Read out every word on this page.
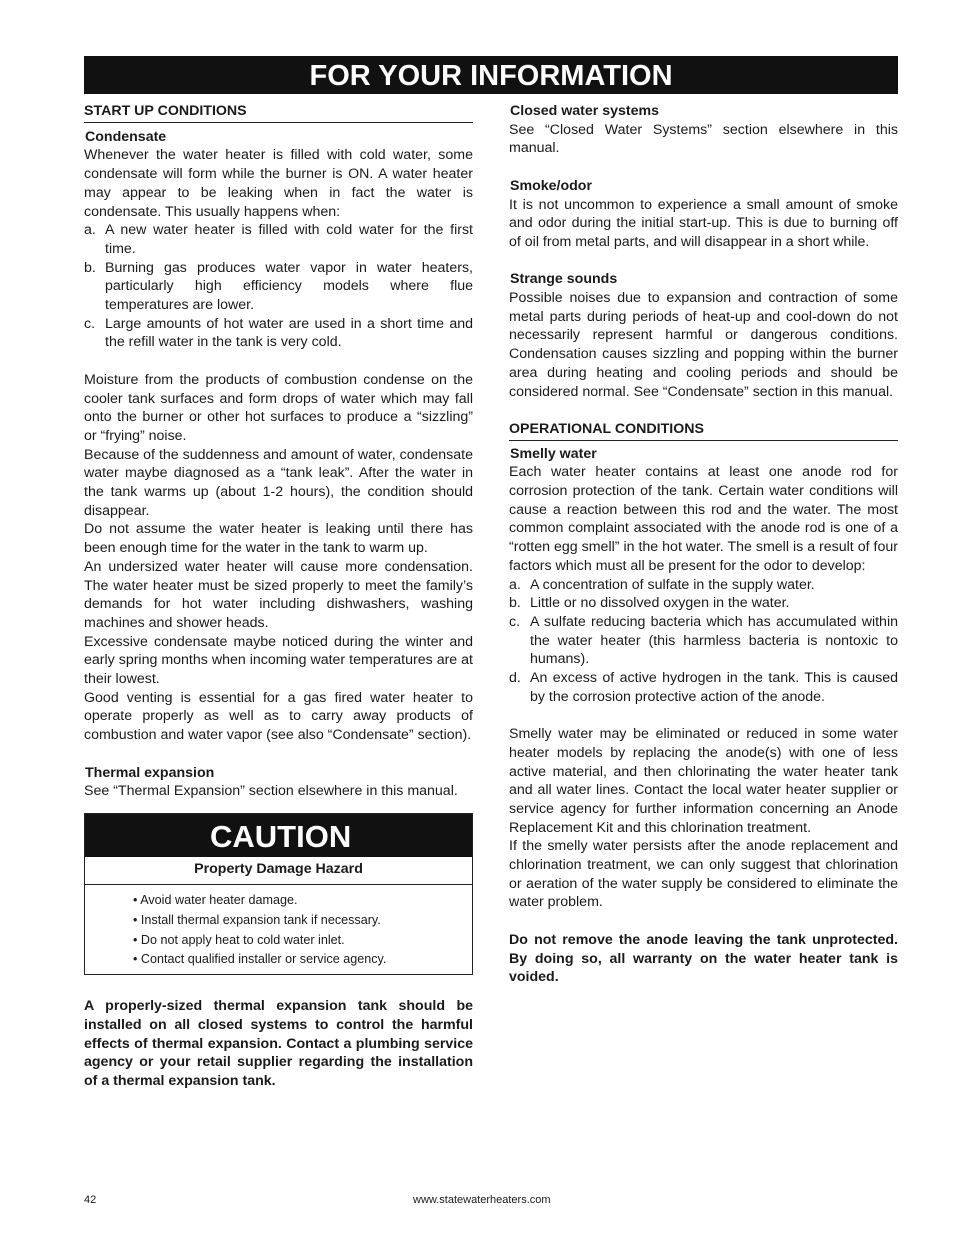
FOR YOUR INFORMATION
START UP CONDITIONS
Condensate

Whenever the water heater is filled with cold water, some condensate will form while the burner is ON. A water heater may appear to be leaking when in fact the water is condensate. This usually happens when:

a. A new water heater is filled with cold water for the first time.
b. Burning gas produces water vapor in water heaters, particularly high efficiency models where flue temperatures are lower.
c. Large amounts of hot water are used in a short time and the refill water in the tank is very cold.

Moisture from the products of combustion condense on the cooler tank surfaces and form drops of water which may fall onto the burner or other hot surfaces to produce a “sizzling” or “frying” noise.

Because of the suddenness and amount of water, condensate water maybe diagnosed as a “tank leak”. After the water in the tank warms up (about 1-2 hours), the condition should disappear.

Do not assume the water heater is leaking until there has been enough time for the water in the tank to warm up.

An undersized water heater will cause more condensation. The water heater must be sized properly to meet the family’s demands for hot water including dishwashers, washing machines and shower heads.

Excessive condensate maybe noticed during the winter and early spring months when incoming water temperatures are at their lowest.

Good venting is essential for a gas fired water heater to operate properly as well as to carry away products of combustion and water vapor (see also “Condensate” section).

Thermal expansion

See “Thermal Expansion” section elsewhere in this manual.

CAUTION
Property Damage Hazard
• Avoid water heater damage.
• Install thermal expansion tank if necessary.
• Do not apply heat to cold water inlet.
• Contact qualified installer or service agency.

A properly-sized thermal expansion tank should be installed on all closed systems to control the harmful effects of thermal expansion. Contact a plumbing service agency or your retail supplier regarding the installation of a thermal expansion tank.

Closed water systems

See “Closed Water Systems” section elsewhere in this manual.

Smoke/odor

It is not uncommon to experience a small amount of smoke and odor during the initial start-up. This is due to burning off of oil from metal parts, and will disappear in a short while.

Strange sounds

Possible noises due to expansion and contraction of some metal parts during periods of heat-up and cool-down do not necessarily represent harmful or dangerous conditions. Condensation causes sizzling and popping within the burner area during heating and cooling periods and should be considered normal. See “Condensate” section in this manual.

OPERATIONAL CONDITIONS
Smelly water

Each water heater contains at least one anode rod for corrosion protection of the tank. Certain water conditions will cause a reaction between this rod and the water. The most common complaint associated with the anode rod is one of a “rotten egg smell” in the hot water. The smell is a result of four factors which must all be present for the odor to develop:

a. A concentration of sulfate in the supply water.
b. Little or no dissolved oxygen in the water.
c. A sulfate reducing bacteria which has accumulated within the water heater (this harmless bacteria is nontoxic to humans).
d. An excess of active hydrogen in the tank. This is caused by the corrosion protective action of the anode.

Smelly water may be eliminated or reduced in some water heater models by replacing the anode(s) with one of less active material, and then chlorinating the water heater tank and all water lines. Contact the local water heater supplier or service agency for further information concerning an Anode Replacement Kit and this chlorination treatment.

If the smelly water persists after the anode replacement and chlorination treatment, we can only suggest that chlorination or aeration of the water supply be considered to eliminate the water problem.

Do not remove the anode leaving the tank unprotected. By doing so, all warranty on the water heater tank is voided.

42	www.statewaterheaters.com
